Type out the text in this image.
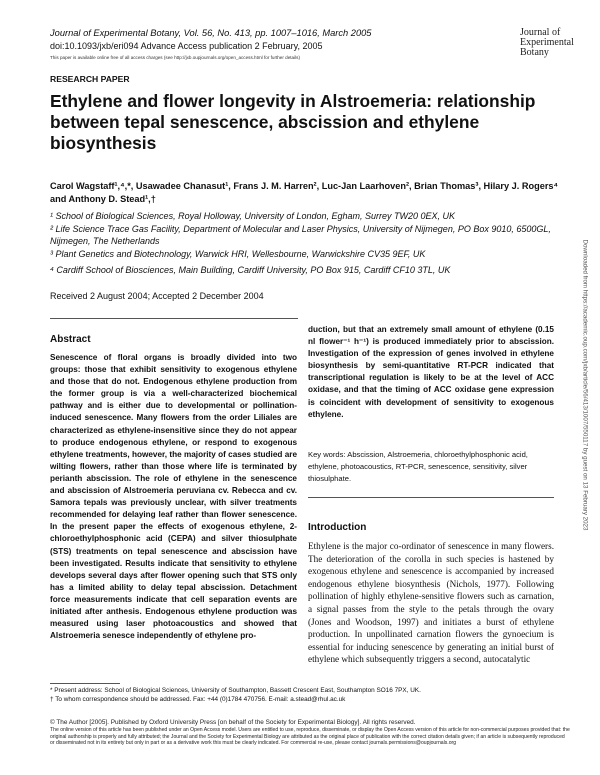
Journal of Experimental Botany, Vol. 56, No. 413, pp. 1007–1016, March 2005
doi:10.1093/jxb/eri094 Advance Access publication 2 February, 2005
This paper is available online free of all access charges (see http://jxb.oupjournals.org/open_access.html for further details)
Journal of
Experimental
Botany
RESEARCH PAPER
Ethylene and flower longevity in Alstroemeria: relationship between tepal senescence, abscission and ethylene biosynthesis
Carol Wagstaff¹,⁴,*, Usawadee Chanasut¹, Frans J. M. Harren², Luc-Jan Laarhoven², Brian Thomas³, Hilary J. Rogers⁴ and Anthony D. Stead¹,†
¹ School of Biological Sciences, Royal Holloway, University of London, Egham, Surrey TW20 0EX, UK
² Life Science Trace Gas Facility, Department of Molecular and Laser Physics, University of Nijmegen, PO Box 9010, 6500GL, Nijmegen, The Netherlands
³ Plant Genetics and Biotechnology, Warwick HRI, Wellesbourne, Warwickshire CV35 9EF, UK
⁴ Cardiff School of Biosciences, Main Building, Cardiff University, PO Box 915, Cardiff CF10 3TL, UK
Received 2 August 2004; Accepted 2 December 2004
Abstract
Senescence of floral organs is broadly divided into two groups: those that exhibit sensitivity to exogenous ethylene and those that do not. Endogenous ethylene production from the former group is via a well-characterized biochemical pathway and is either due to developmental or pollination-induced senescence. Many flowers from the order Liliales are characterized as ethylene-insensitive since they do not appear to produce endogenous ethylene, or respond to exogenous ethylene treatments, however, the majority of cases studied are wilting flowers, rather than those where life is terminated by perianth abscission. The role of ethylene in the senescence and abscission of Alstroemeria peruviana cv. Rebecca and cv. Samora tepals was previously unclear, with silver treatments recommended for delaying leaf rather than flower senescence. In the present paper the effects of exogenous ethylene, 2-chloroethylphosphonic acid (CEPA) and silver thiosulphate (STS) treatments on tepal senescence and abscission have been investigated. Results indicate that sensitivity to ethylene develops several days after flower opening such that STS only has a limited ability to delay tepal abscission. Detachment force measurements indicate that cell separation events are initiated after anthesis. Endogenous ethylene production was measured using laser photoacoustics and showed that Alstroemeria senesce independently of ethylene pro-
duction, but that an extremely small amount of ethylene (0.15 nl flower⁻¹ h⁻¹) is produced immediately prior to abscission. Investigation of the expression of genes involved in ethylene biosynthesis by semi-quantitative RT-PCR indicated that transcriptional regulation is likely to be at the level of ACC oxidase, and that the timing of ACC oxidase gene expression is coincident with development of sensitivity to exogenous ethylene.
Key words: Abscission, Alstroemeria, chloroethylphosphonic acid, ethylene, photoacoustics, RT-PCR, senescence, sensitivity, silver thiosulphate.
Introduction
Ethylene is the major co-ordinator of senescence in many flowers. The deterioration of the corolla in such species is hastened by exogenous ethylene and senescence is accompanied by increased endogenous ethylene biosynthesis (Nichols, 1977). Following pollination of highly ethylene-sensitive flowers such as carnation, a signal passes from the style to the petals through the ovary (Jones and Woodson, 1997) and initiates a burst of ethylene production. In unpollinated carnation flowers the gynoecium is essential for inducing senescence by generating an initial burst of ethylene which subsequently triggers a second, autocatalytic
* Present address: School of Biological Sciences, University of Southampton, Bassett Crescent East, Southampton SO16 7PX, UK.
† To whom correspondence should be addressed. Fax: +44 (0)1784 470756. E-mail: a.stead@rhul.ac.uk
© The Author [2005]. Published by Oxford University Press [on behalf of the Society for Experimental Biology]. All rights reserved.
The online version of this article has been published under an Open Access model. Users are entitled to use, reproduce, disseminate, or display the Open Access version of this article for non-commercial purposes provided that: the original authorship is properly and fully attributed; the Journal and the Society for Experimental Biology are attributed as the original place of publication with the correct citation details given; if an article is subsequently reproduced or disseminated not in its entirety but only in part or as a derivative work this must be clearly indicated. For commercial re-use, please contact journals.permissions@oupjournals.org
Downloaded from https://academic.oup.com/jxb/article/56/413/1007/550117 by guest on 13 February 2023
